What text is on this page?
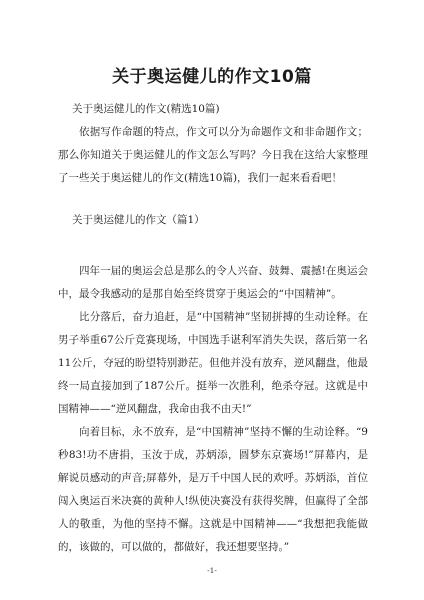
关于奥运健儿的作文10篇

关于奥运健儿的作文(精选10篇)

依据写作命题的特点，作文可以分为命题作文和非命题作文；那么你知道关于奥运健儿的作文怎么写吗？今日我在这给大家整理了一些关于奥运健儿的作文(精选10篇)，我们一起来看看吧！

关于奥运健儿的作文（篇1）

四年一届的奥运会总是那么的令人兴奋、鼓舞、震撼!在奥运会中，最令我感动的是那自始至终贯穿于奥运会的“中国精神”。

比分落后，奋力追赶，是“中国精神”坚韧拼搏的生动诠释。在男子举重67公斤竞赛现场，中国选手谌利军消失失误，落后第一名11公斤，夺冠的盼望特别渺茫。但他并没有放弃，逆风翻盘，他最终一局直接加到了187公斤。挺举一次胜利，绝杀夺冠。这就是中国精神——“逆风翻盘，我命由我不由天!”

向着目标，永不放弃，是“中国精神”坚持不懈的生动诠释。“9秒83!功不唐捐，玉汝于成，苏炳添，圆梦东京赛场!”屏幕内，是解说员感动的声音;屏幕外，是万千中国人民的欢呼。苏炳添，首位闯入奥运百米决赛的黄种人!纵使决赛没有获得奖牌，但赢得了全部人的敬重，为他的坚持不懈。这就是中国精神——“我想把我能做的，该做的，可以做的，都做好，我还想要坚持。”

-1-
